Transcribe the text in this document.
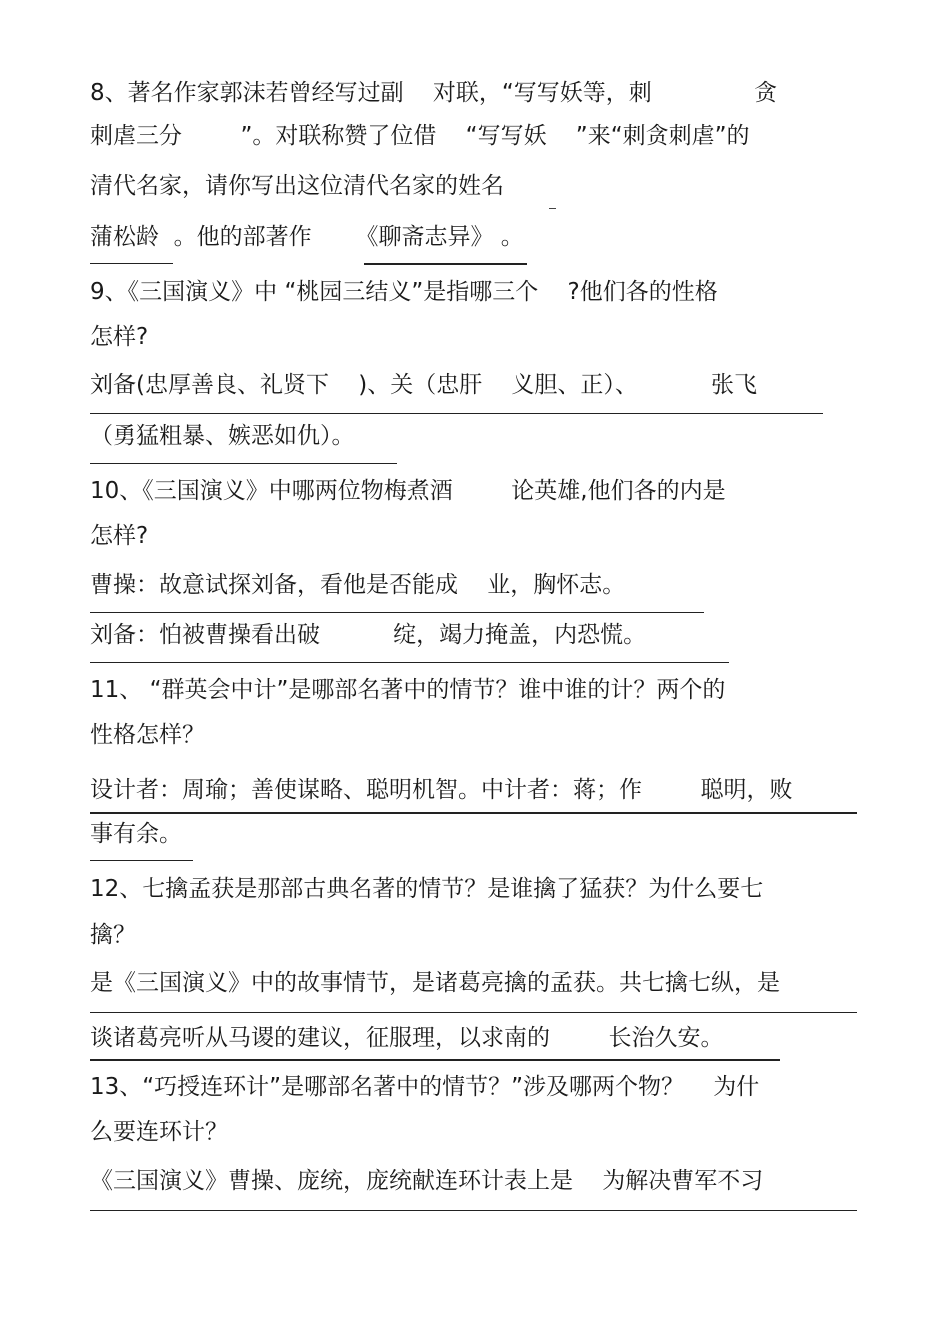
8、著名作家郭沫若曾经写过副    对联，“写写妖等，刺              贪
刺虐三分        ”。对联称赞了位借    “写写妖    ”来“刺贪刺虐”的
清代名家，请你写出这位清代名家的姓名
蒲松龄  。他的部著作      《聊斋志异》 。
9、《三国演义》中 “桃园三结义”是指哪三个    ?他们各的性格
怎样?
刘备(忠厚善良、礼贤下    )、关（忠肝    义胆、正）、          张飞
（勇猛粗暴、嫉恶如仇）。
10、《三国演义》中哪两位物梅煮酒        论英雄,他们各的内是
怎样?
曹操：故意试探刘备，看他是否能成    业，胸怀志。
刘备：怕被曹操看出破          绽，竭力掩盖，内恐慌。
11、 “群英会中计”是哪部名著中的情节？谁中谁的计？两个的
性格怎样？
设计者：周瑜；善使谋略、聪明机智。中计者：蒋；作        聪明，败
事有余。
12、七擒孟获是那部古典名著的情节？是谁擒了猛获？为什么要七
擒？
是《三国演义》中的故事情节，是诸葛亮擒的孟获。共七擒七纵，是
谈诸葛亮听从马谡的建议，征服理，以求南的        长治久安。
13、“巧授连环计”是哪部名著中的情节？”涉及哪两个物？    为什
么要连环计？
《三国演义》曹操、庞统，庞统献连环计表上是    为解决曹军不习
